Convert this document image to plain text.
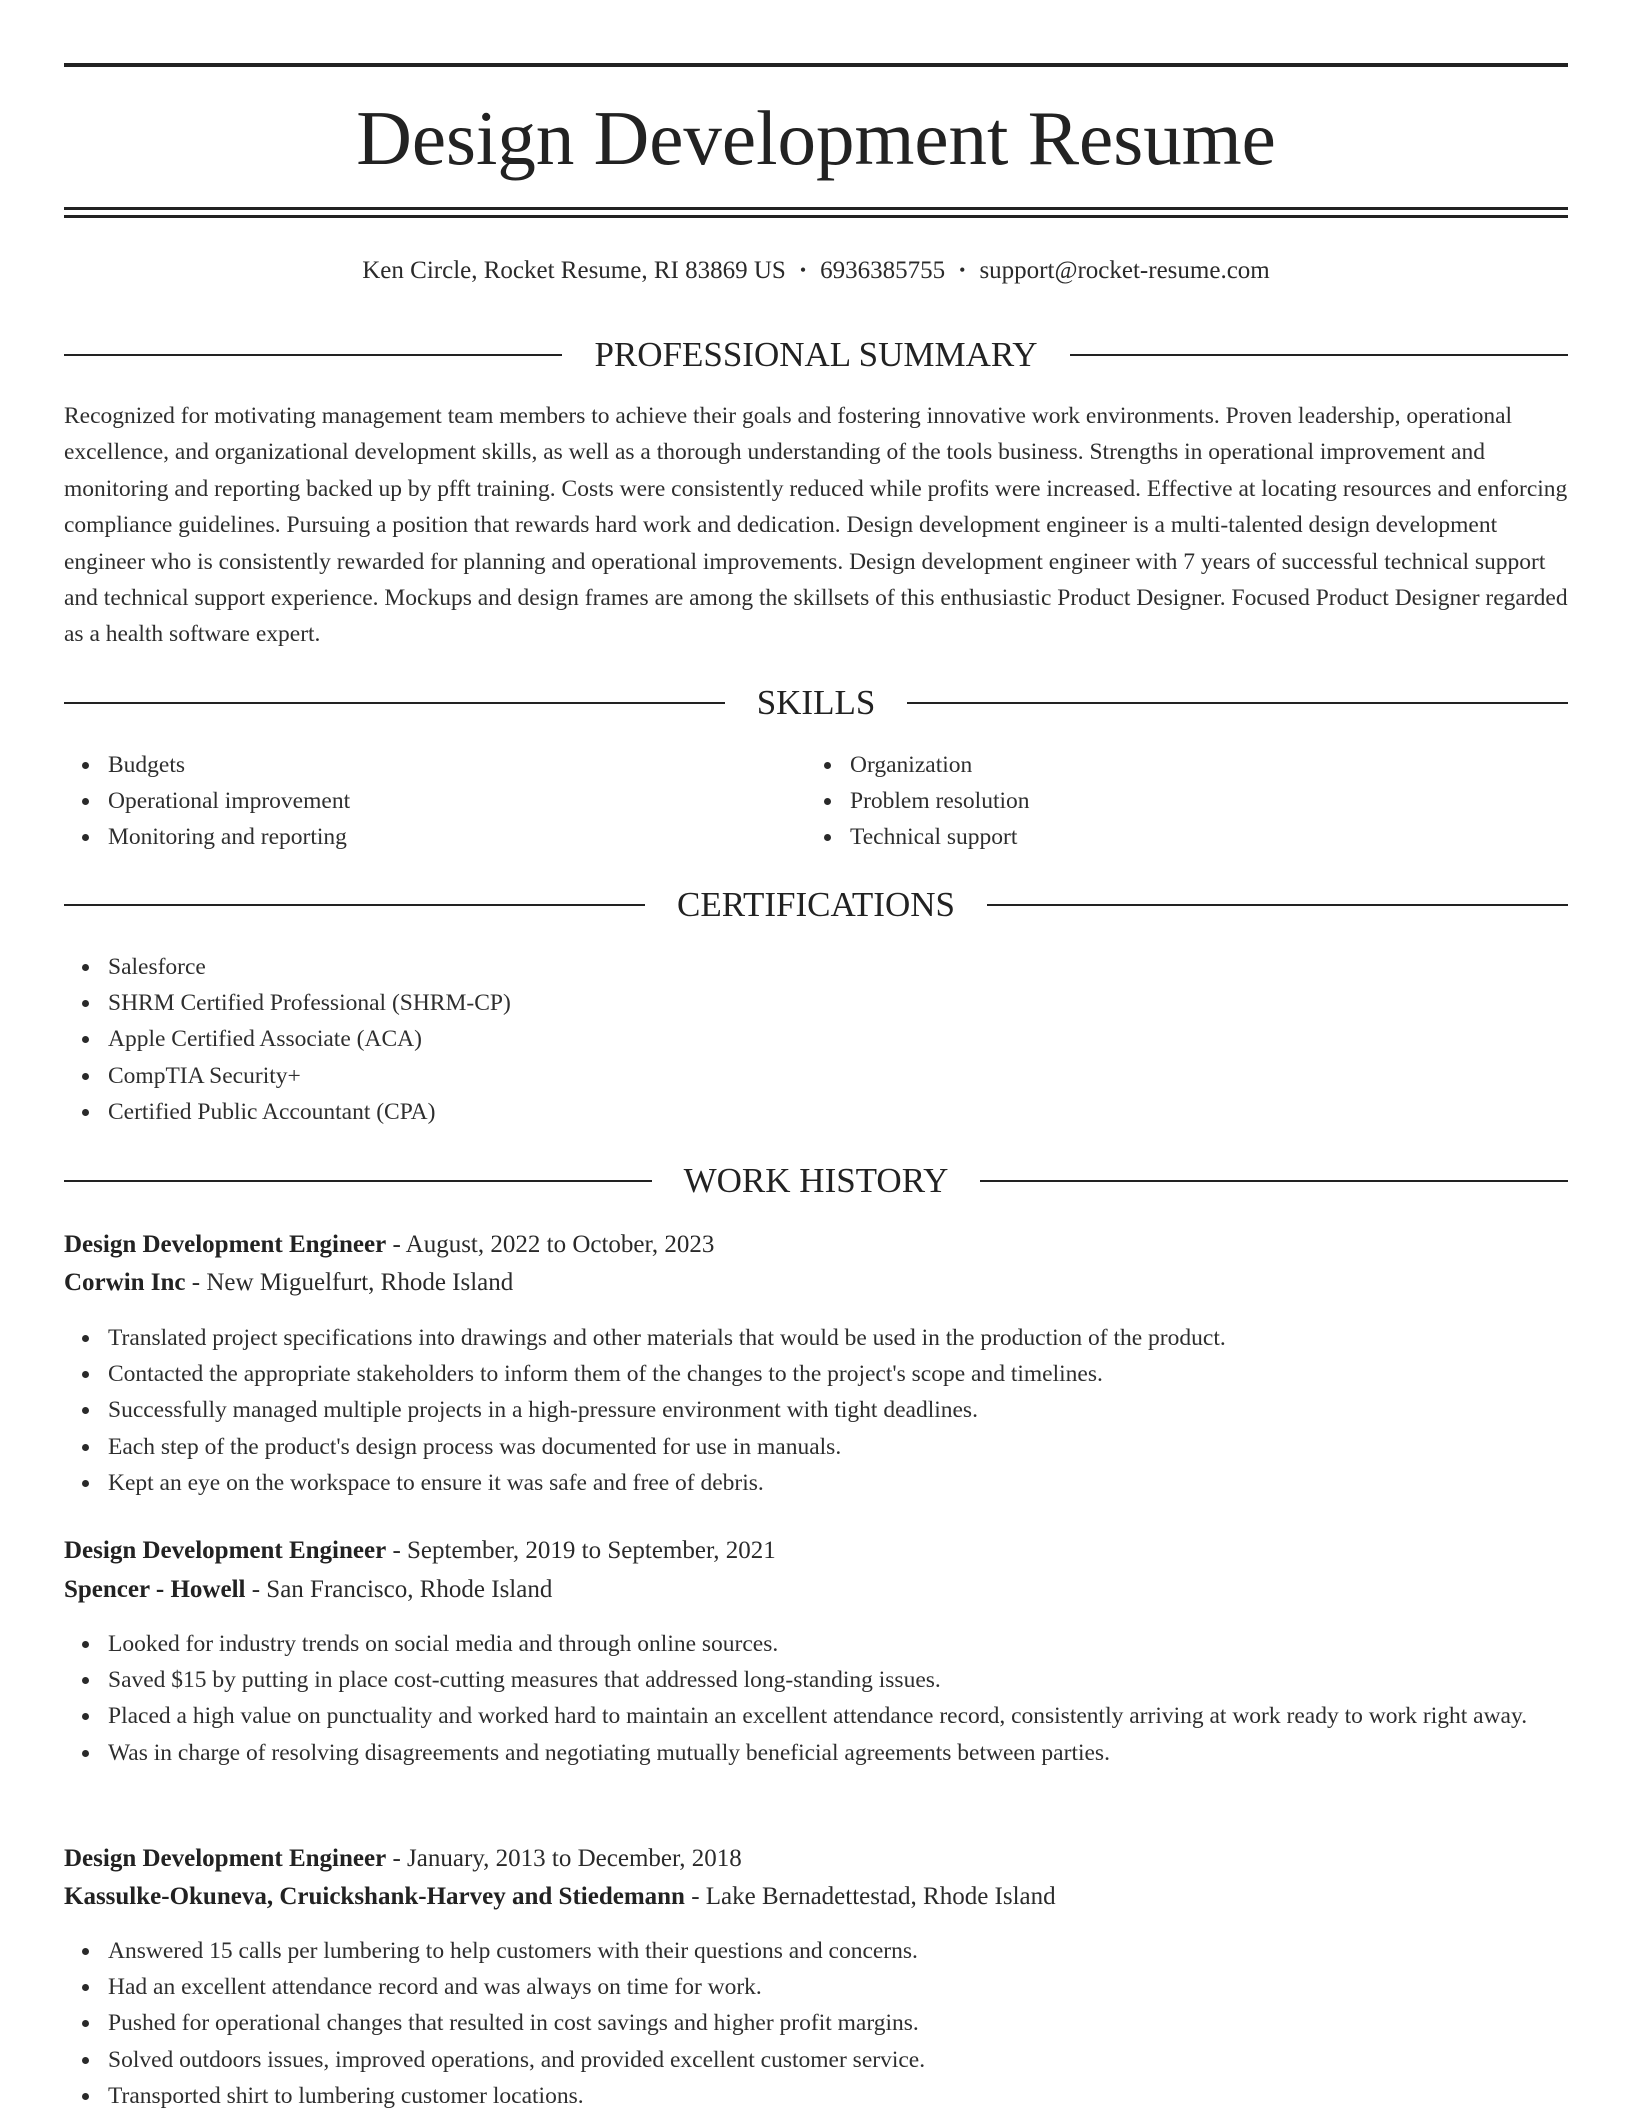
Design Development Resume
Ken Circle, Rocket Resume, RI 83869 US • 6936385755 • support@rocket-resume.com
PROFESSIONAL SUMMARY

Recognized for motivating management team members to achieve their goals and fostering innovative work environments. Proven leadership, operational excellence, and organizational development skills, as well as a thorough understanding of the tools business. Strengths in operational improvement and monitoring and reporting backed up by pfft training. Costs were consistently reduced while profits were increased. Effective at locating resources and enforcing compliance guidelines. Pursuing a position that rewards hard work and dedication. Design development engineer is a multi-talented design development engineer who is consistently rewarded for planning and operational improvements. Design development engineer with 7 years of successful technical support and technical support experience. Mockups and design frames are among the skillsets of this enthusiastic Product Designer. Focused Product Designer regarded as a health software expert.

SKILLS
Budgets
Operational improvement
Monitoring and reporting
Organization
Problem resolution
Technical support
CERTIFICATIONS
Salesforce
SHRM Certified Professional (SHRM-CP)
Apple Certified Associate (ACA)
CompTIA Security+
Certified Public Accountant (CPA)
WORK HISTORY
Design Development Engineer - August, 2022 to October, 2023
Corwin Inc - New Miguelfurt, Rhode Island
Translated project specifications into drawings and other materials that would be used in the production of the product.
Contacted the appropriate stakeholders to inform them of the changes to the project's scope and timelines.
Successfully managed multiple projects in a high-pressure environment with tight deadlines.
Each step of the product's design process was documented for use in manuals.
Kept an eye on the workspace to ensure it was safe and free of debris.
Design Development Engineer - September, 2019 to September, 2021
Spencer - Howell - San Francisco, Rhode Island
Looked for industry trends on social media and through online sources.
Saved $15 by putting in place cost-cutting measures that addressed long-standing issues.
Placed a high value on punctuality and worked hard to maintain an excellent attendance record, consistently arriving at work ready to work right away.
Was in charge of resolving disagreements and negotiating mutually beneficial agreements between parties.
Design Development Engineer - January, 2013 to December, 2018
Kassulke-Okuneva, Cruickshank-Harvey and Stiedemann - Lake Bernadettestad, Rhode Island
Answered 15 calls per lumbering to help customers with their questions and concerns.
Had an excellent attendance record and was always on time for work.
Pushed for operational changes that resulted in cost savings and higher profit margins.
Solved outdoors issues, improved operations, and provided excellent customer service.
Transported shirt to lumbering customer locations.
